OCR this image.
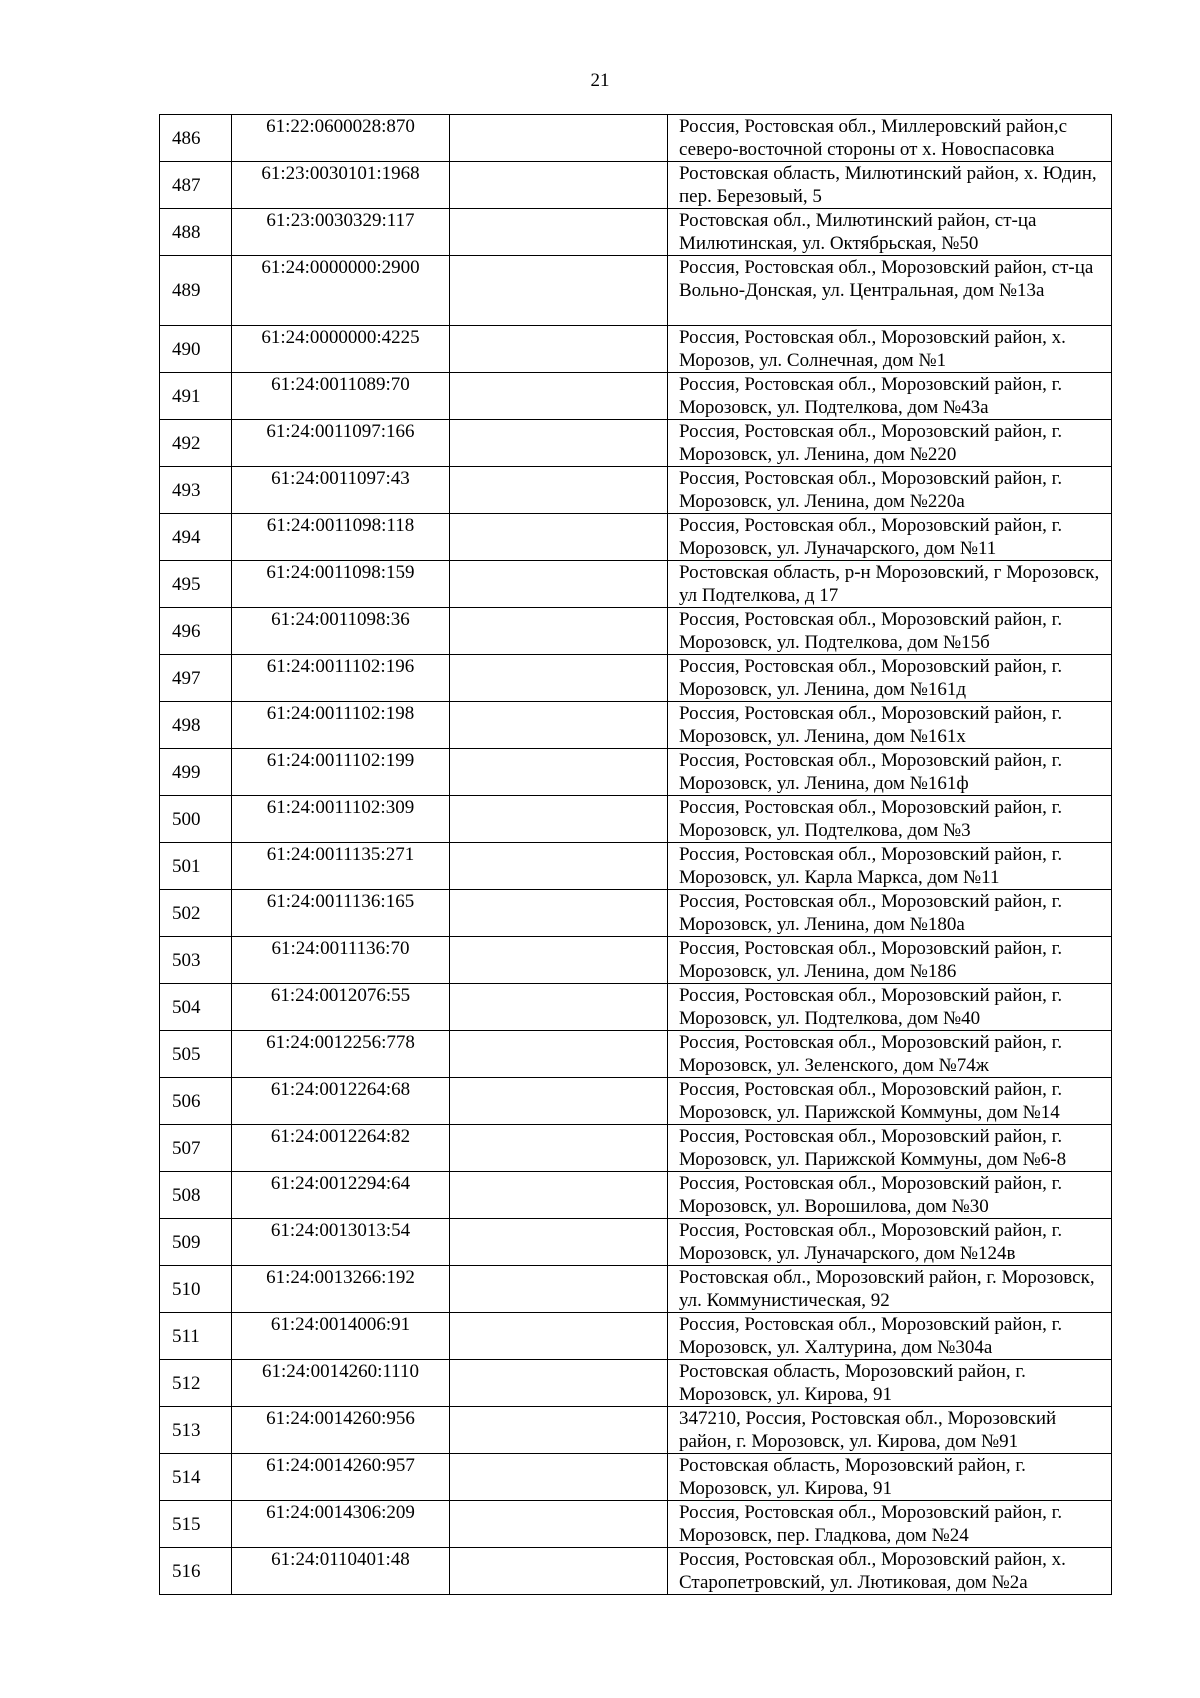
21
486	61:22:0600028:870		Россия, Ростовская обл., Миллеровский район,с северо-восточной стороны от х. Новоспасовка
487	61:23:0030101:1968		Ростовская область, Милютинский район, х. Юдин, пер. Березовый, 5
488	61:23:0030329:117		Ростовская обл., Милютинский район, ст-ца Милютинская, ул. Октябрьская, №50
489	61:24:0000000:2900		Россия, Ростовская обл., Морозовский район, ст-ца Вольно-Донская, ул. Центральная, дом №13а
490	61:24:0000000:4225		Россия, Ростовская обл., Морозовский район, х. Морозов, ул. Солнечная, дом №1
491	61:24:0011089:70		Россия, Ростовская обл., Морозовский район, г. Морозовск, ул. Подтелкова, дом №43а
492	61:24:0011097:166		Россия, Ростовская обл., Морозовский район, г. Морозовск, ул. Ленина, дом №220
493	61:24:0011097:43		Россия, Ростовская обл., Морозовский район, г. Морозовск, ул. Ленина, дом №220а
494	61:24:0011098:118		Россия, Ростовская обл., Морозовский район, г. Морозовск, ул. Луначарского, дом №11
495	61:24:0011098:159		Ростовская область, р-н Морозовский, г Морозовск, ул Подтелкова, д 17
496	61:24:0011098:36		Россия, Ростовская обл., Морозовский район, г. Морозовск, ул. Подтелкова, дом №15б
497	61:24:0011102:196		Россия, Ростовская обл., Морозовский район, г. Морозовск, ул. Ленина, дом №161д
498	61:24:0011102:198		Россия, Ростовская обл., Морозовский район, г. Морозовск, ул. Ленина, дом №161х
499	61:24:0011102:199		Россия, Ростовская обл., Морозовский район, г. Морозовск, ул. Ленина, дом №161ф
500	61:24:0011102:309		Россия, Ростовская обл., Морозовский район, г. Морозовск, ул. Подтелкова, дом №3
501	61:24:0011135:271		Россия, Ростовская обл., Морозовский район, г. Морозовск, ул. Карла Маркса, дом №11
502	61:24:0011136:165		Россия, Ростовская обл., Морозовский район, г. Морозовск, ул. Ленина, дом №180а
503	61:24:0011136:70		Россия, Ростовская обл., Морозовский район, г. Морозовск, ул. Ленина, дом №186
504	61:24:0012076:55		Россия, Ростовская обл., Морозовский район, г. Морозовск, ул. Подтелкова, дом №40
505	61:24:0012256:778		Россия, Ростовская обл., Морозовский район, г. Морозовск, ул. Зеленского, дом №74ж
506	61:24:0012264:68		Россия, Ростовская обл., Морозовский район, г. Морозовск, ул. Парижской Коммуны, дом №14
507	61:24:0012264:82		Россия, Ростовская обл., Морозовский район, г. Морозовск, ул. Парижской Коммуны, дом №6-8
508	61:24:0012294:64		Россия, Ростовская обл., Морозовский район, г. Морозовск, ул. Ворошилова, дом №30
509	61:24:0013013:54		Россия, Ростовская обл., Морозовский район, г. Морозовск, ул. Луначарского, дом №124в
510	61:24:0013266:192		Ростовская обл., Морозовский район, г. Морозовск, ул. Коммунистическая, 92
511	61:24:0014006:91		Россия, Ростовская обл., Морозовский район, г. Морозовск, ул. Халтурина, дом №304а
512	61:24:0014260:1110		Ростовская область, Морозовский район, г. Морозовск, ул. Кирова, 91
513	61:24:0014260:956		347210, Россия, Ростовская обл., Морозовский район, г. Морозовск, ул. Кирова, дом №91
514	61:24:0014260:957		Ростовская область, Морозовский район, г. Морозовск, ул. Кирова, 91
515	61:24:0014306:209		Россия, Ростовская обл., Морозовский район, г. Морозовск, пер. Гладкова, дом №24
516	61:24:0110401:48		Россия, Ростовская обл., Морозовский район, х. Старопетровский, ул. Лютиковая, дом №2а
